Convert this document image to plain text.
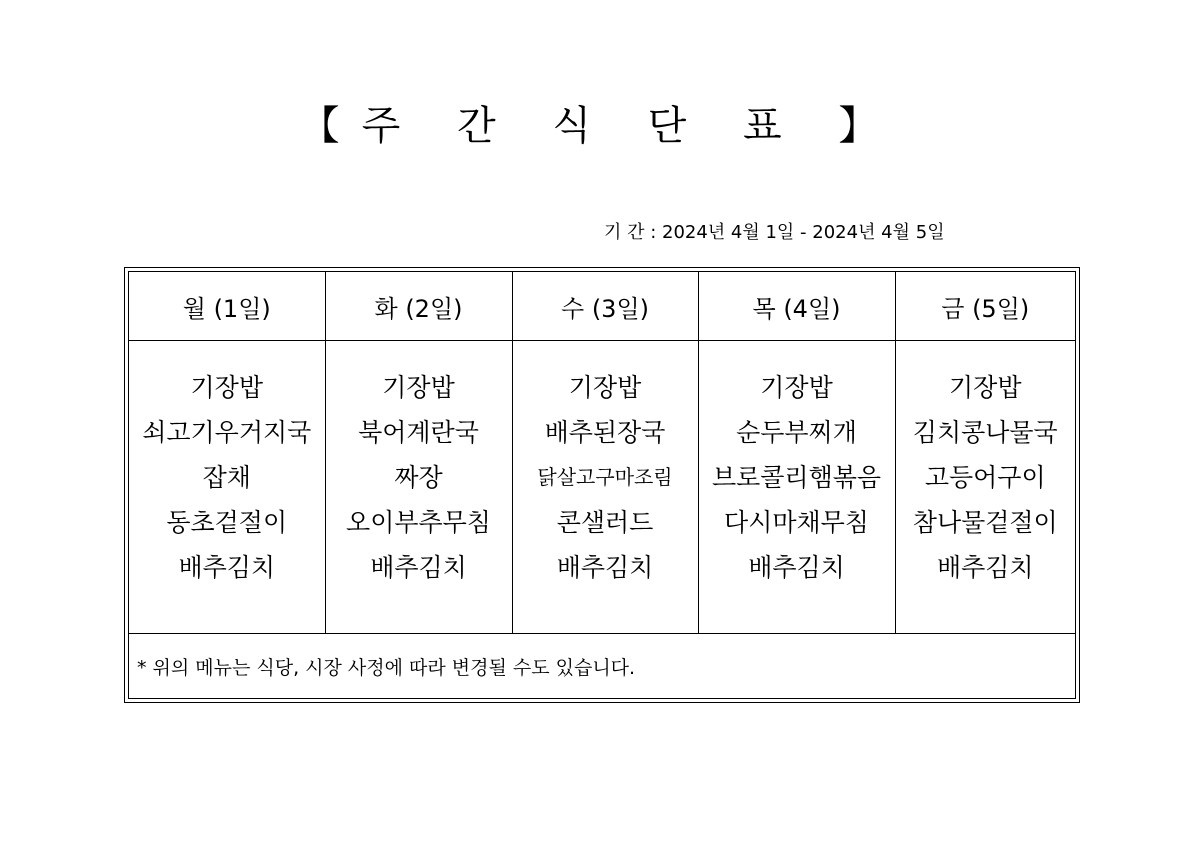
【주 간 식 단 표 】
기 간 : 2024년 4월 1일 - 2024년 4월 5일
월 (1일)	화 (2일)	수 (3일)	목 (4일)	금 (5일)

기장밥
쇠고기우거지국
잡채
동초겉절이
배추김치	기장밥
북어계란국
짜장
오이부추무침
배추김치	기장밥
배추된장국
닭살고구마조림
콘샐러드
배추김치	기장밥
순두부찌개
브로콜리햄볶음
다시마채무침
배추김치	기장밥
김치콩나물국
고등어구이
참나물겉절이
배추김치

* 위의 메뉴는 식당, 시장 사정에 따라 변경될 수도 있습니다.				
